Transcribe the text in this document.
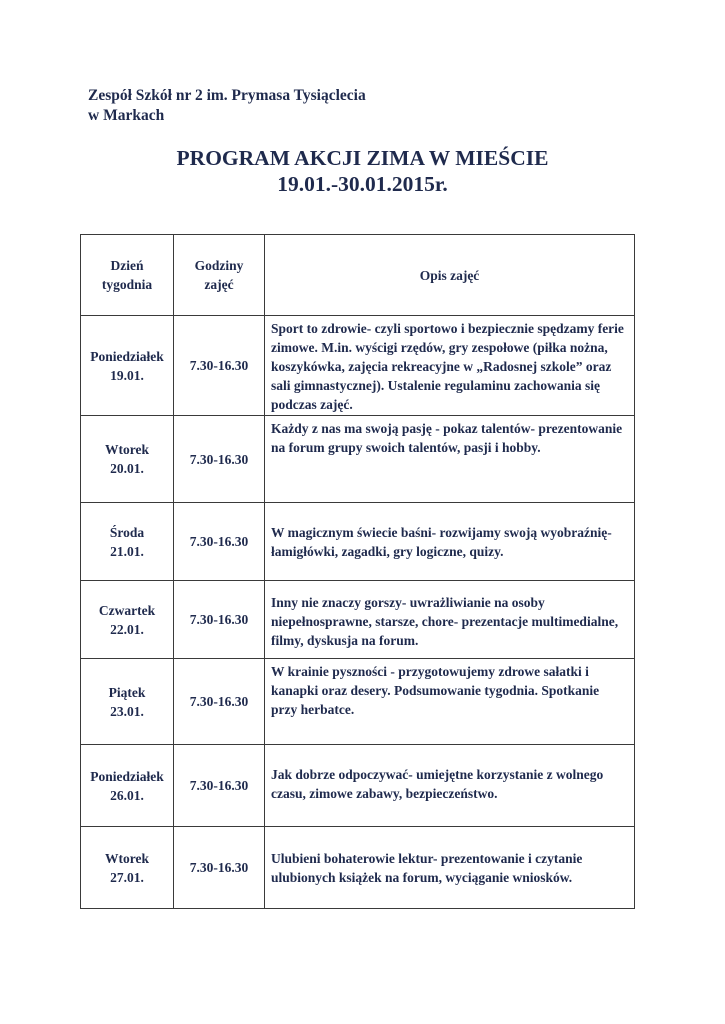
Zespół Szkół nr 2 im. Prymasa Tysiąclecia
w Markach
PROGRAM AKCJI ZIMA W MIEŚCIE
19.01.-30.01.2015r.
Dzień
tygodnia	Godziny
zajęć	Opis zajęć

Poniedziałek
19.01.	7.30-16.30	Sport to zdrowie- czyli sportowo i bezpiecznie spędzamy ferie zimowe. M.in. wyścigi rzędów, gry zespołowe (piłka nożna, koszykówka, zajęcia rekreacyjne w „Radosnej szkole” oraz sali gimnastycznej). Ustalenie regulaminu zachowania się podczas zajęć.

Wtorek
20.01.	7.30-16.30	Każdy z nas ma swoją pasję - pokaz talentów- prezentowanie na forum grupy swoich talentów, pasji i hobby.

Środa
21.01.	7.30-16.30	W magicznym świecie baśni- rozwijamy swoją wyobraźnię- łamigłówki, zagadki, gry logiczne, quizy.

Czwartek
22.01.	7.30-16.30	Inny nie znaczy gorszy- uwrażliwianie na osoby niepełnosprawne, starsze, chore- prezentacje multimedialne, filmy, dyskusja na forum.

Piątek
23.01.	7.30-16.30	W krainie pyszności - przygotowujemy zdrowe sałatki i kanapki oraz desery. Podsumowanie tygodnia. Spotkanie przy herbatce.

Poniedziałek
26.01.	7.30-16.30	Jak dobrze odpoczywać- umiejętne korzystanie z wolnego czasu, zimowe zabawy, bezpieczeństwo.

Wtorek
27.01.	7.30-16.30	Ulubieni bohaterowie lektur- prezentowanie i czytanie ulubionych książek na forum, wyciąganie wniosków.
